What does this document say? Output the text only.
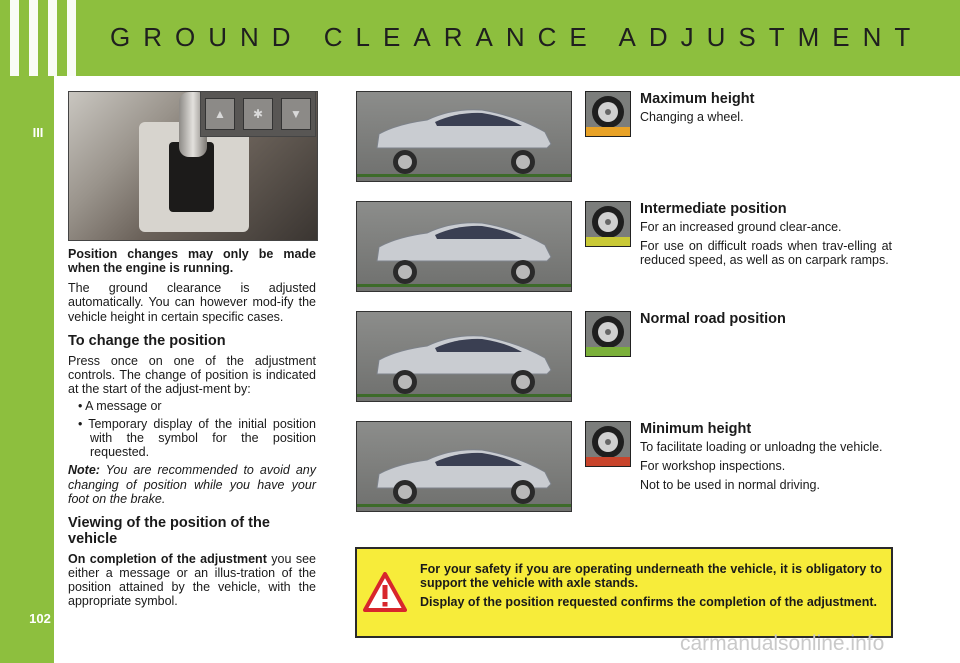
GROUND CLEARANCE ADJUSTMENT
III
102
▲	✱	▼

Position changes may only be made when the engine is running.

The ground clearance is adjusted automatically. You can however mod-ify the vehicle height in certain specific cases.

To change the position

Press once on one of the adjustment controls. The change of position is indicated at the start of the adjust-ment by:

• A message or
• Temporary display of the initial position with the symbol for the position requested.

Note: You are recommended to avoid any changing of position while you have your foot on the brake.

Viewing of the position of the vehicle

On completion of the adjustment you see either a message or an illus-tration of the position attained by the vehicle, with the appropriate symbol.

Maximum height

Changing a wheel.

Intermediate position

For an increased ground clear-ance.

For use on difficult roads when trav-elling at reduced speed, as well as on carpark ramps.

Normal road position
Minimum height

To facilitate loading or unloadng the vehicle.

For workshop inspections.

Not to be used in normal driving.

For your safety if you are operating underneath the vehicle, it is obligatory to support the vehicle with axle stands.

Display of the position requested confirms the completion of the adjustment.

carmanualsonline.info
